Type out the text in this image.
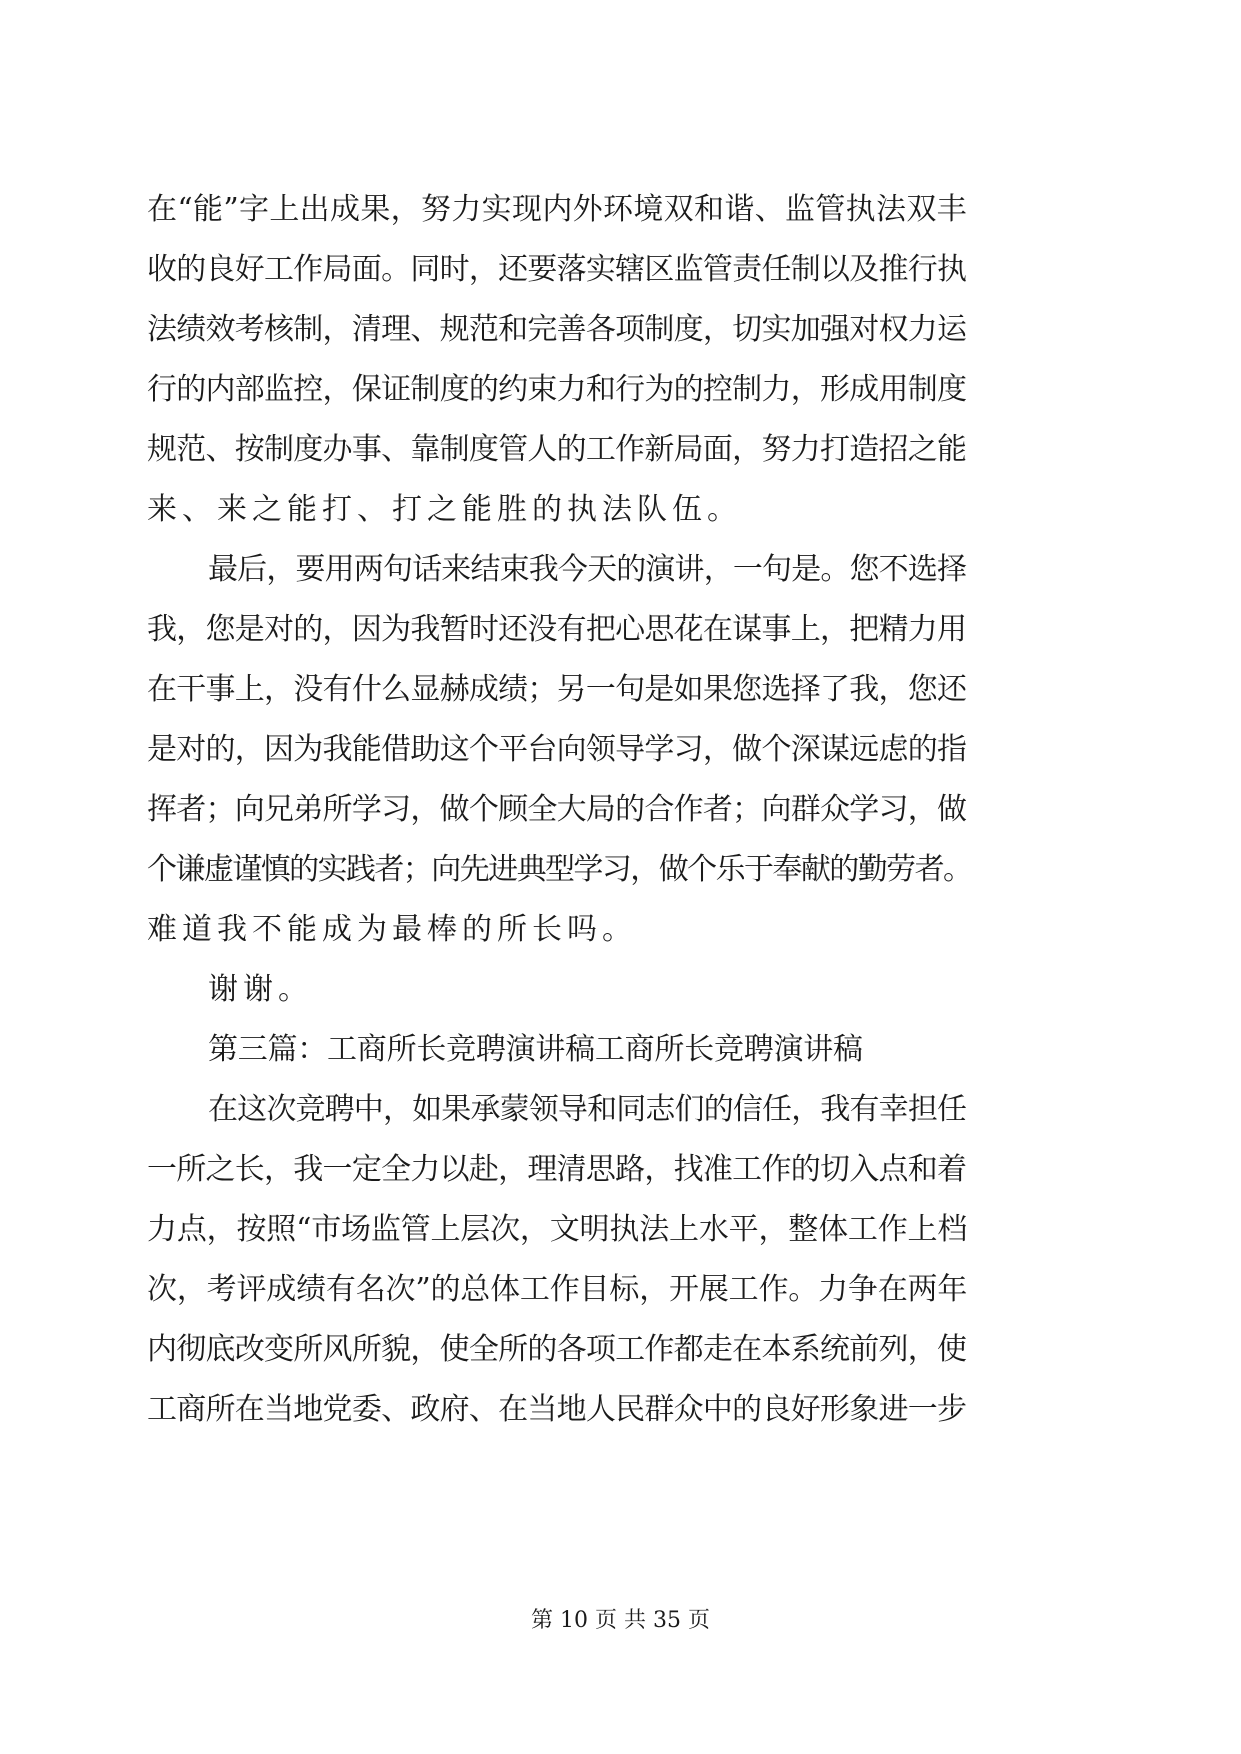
在“能”字上出成果，努力实现内外环境双和谐、监管执法双丰
收的良好工作局面。同时，还要落实辖区监管责任制以及推行执
法绩效考核制，清理、规范和完善各项制度，切实加强对权力运
行的内部监控，保证制度的约束力和行为的控制力，形成用制度
规范、按制度办事、靠制度管人的工作新局面，努力打造招之能
来、来之能打、打之能胜的执法队伍。
最后，要用两句话来结束我今天的演讲，一句是。您不选择
我，您是对的，因为我暂时还没有把心思花在谋事上，把精力用
在干事上，没有什么显赫成绩；另一句是如果您选择了我，您还
是对的，因为我能借助这个平台向领导学习，做个深谋远虑的指
挥者；向兄弟所学习，做个顾全大局的合作者；向群众学习，做
个谦虚谨慎的实践者；向先进典型学习，做个乐于奉献的勤劳者。
难道我不能成为最棒的所长吗。
谢谢。
第三篇：工商所长竞聘演讲稿工商所长竞聘演讲稿
在这次竞聘中，如果承蒙领导和同志们的信任，我有幸担任
一所之长，我一定全力以赴，理清思路，找准工作的切入点和着
力点，按照“市场监管上层次，文明执法上水平，整体工作上档
次，考评成绩有名次”的总体工作目标，开展工作。力争在两年
内彻底改变所风所貌，使全所的各项工作都走在本系统前列，使
工商所在当地党委、政府、在当地人民群众中的良好形象进一步
第 10 页 共 35 页
